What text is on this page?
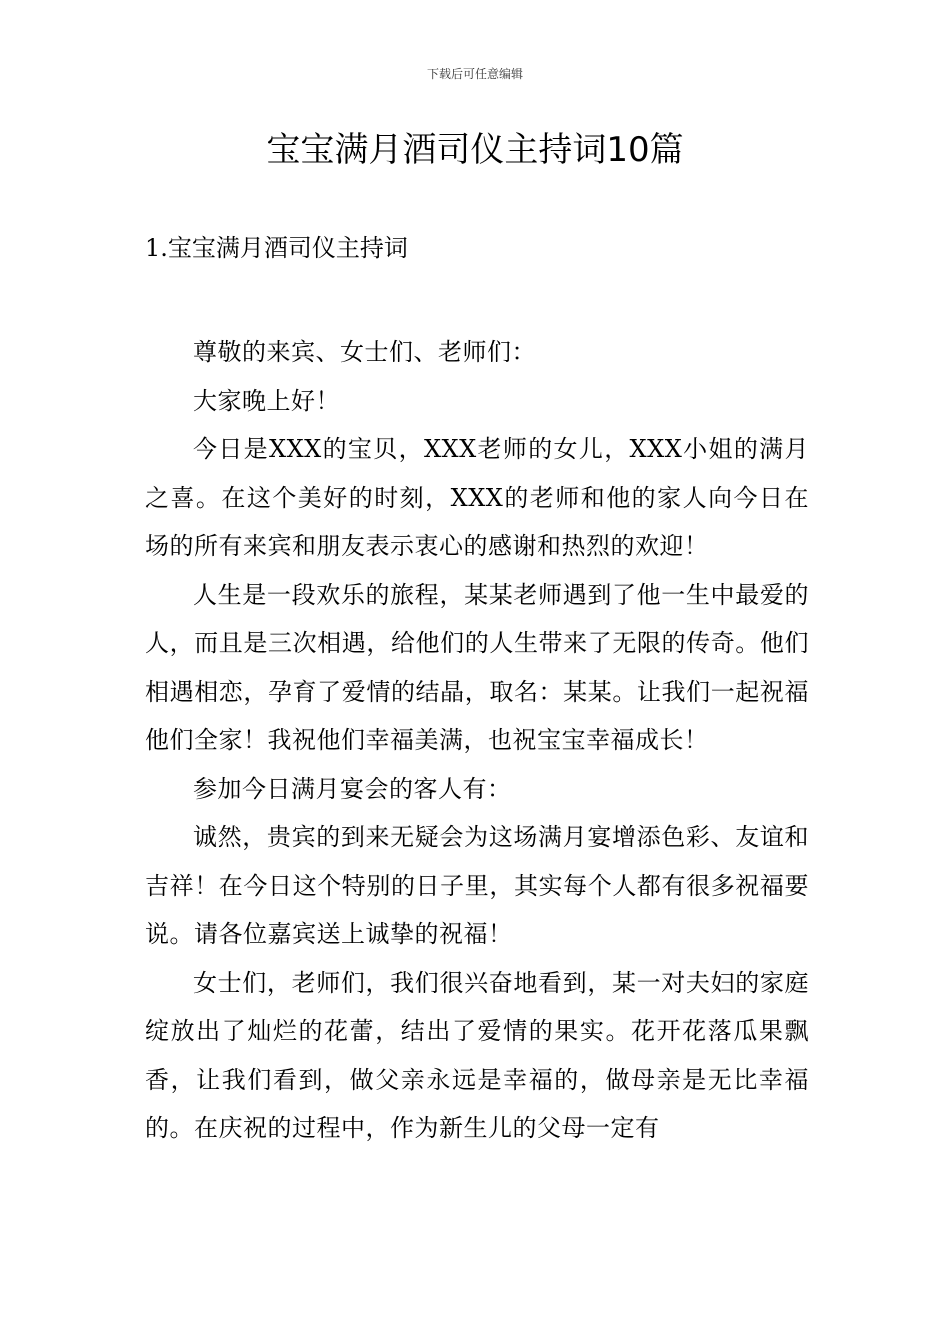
下载后可任意编辑
宝宝满月酒司仪主持词10篇
1.宝宝满月酒司仪主持词

尊敬的来宾、女士们、老师们：

大家晚上好！

今日是XXX的宝贝，XXX老师的女儿，XXX小姐的满月之喜。在这个美好的时刻，XXX的老师和他的家人向今日在场的所有来宾和朋友表示衷心的感谢和热烈的欢迎！

人生是一段欢乐的旅程，某某老师遇到了他一生中最爱的人，而且是三次相遇，给他们的人生带来了无限的传奇。他们相遇相恋，孕育了爱情的结晶，取名：某某。让我们一起祝福他们全家！我祝他们幸福美满，也祝宝宝幸福成长！

参加今日满月宴会的客人有：

诚然，贵宾的到来无疑会为这场满月宴增添色彩、友谊和吉祥！在今日这个特别的日子里，其实每个人都有很多祝福要说。请各位嘉宾送上诚挚的祝福！

女士们，老师们，我们很兴奋地看到，某一对夫妇的家庭绽放出了灿烂的花蕾，结出了爱情的果实。花开花落瓜果飘香，让我们看到，做父亲永远是幸福的，做母亲是无比幸福的。在庆祝的过程中，作为新生儿的父母一定有
